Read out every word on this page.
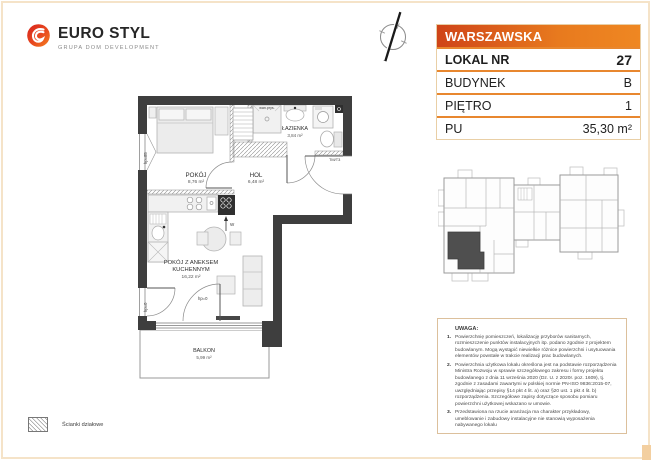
EURO STYL
GRUPA DOM DEVELOPMENT
WARSZAWSKA
LOKAL NR	27
BUDYNEK	B
PIĘTRO	1
PU	35,30 m²
POKÓJ
8,76 m²
HOL
6,48 m²
ŁAZIENKA
3,84 m²
POKÓJ Z ANEKSEM KUCHENNYM
16,22 m²
BALKON
5,99 m²
wan.prys.
TM/T3
W
hp=0
hp=0
hp=85
UWAGA:
Powierzchnię pomieszczeń, lokalizację przyborów sanitarnych, rozmieszczenie punktów instalacyjnych itp. podano zgodnie z projektem budowlanym. Mogą wystąpić niewielkie różnice powierzchni i usytuowania elementów powstałe w trakcie realizacji prac budowlanych.
Powierzchnia użytkowa lokalu określona jest na podstawie rozporządzenia Ministra Rozwoju w sprawie szczegółowego zakresu i formy projektu budowlanego z dnia 11 września 2020 (Dz. U. z 2020r. poz. 1609), tj. zgodnie z zasadami zawartymi w polskiej normie PN-ISO 9836:2015-07, uwzględniając przepisy §14 pkt 4 lit. a) oraz §20 ust. 1 pkt 4 lit. b) rozporządzenia. Szczegółowe zapisy dotyczące sposobu pomiaru powierzchni użytkowej wskazano w umowie.
Przedstawiona na rzucie aranżacja ma charakter przykładowy, umeblowanie i zabudowy instalacyjne nie stanowią wyposażenia nabywanego lokalu
Ścianki działowe
